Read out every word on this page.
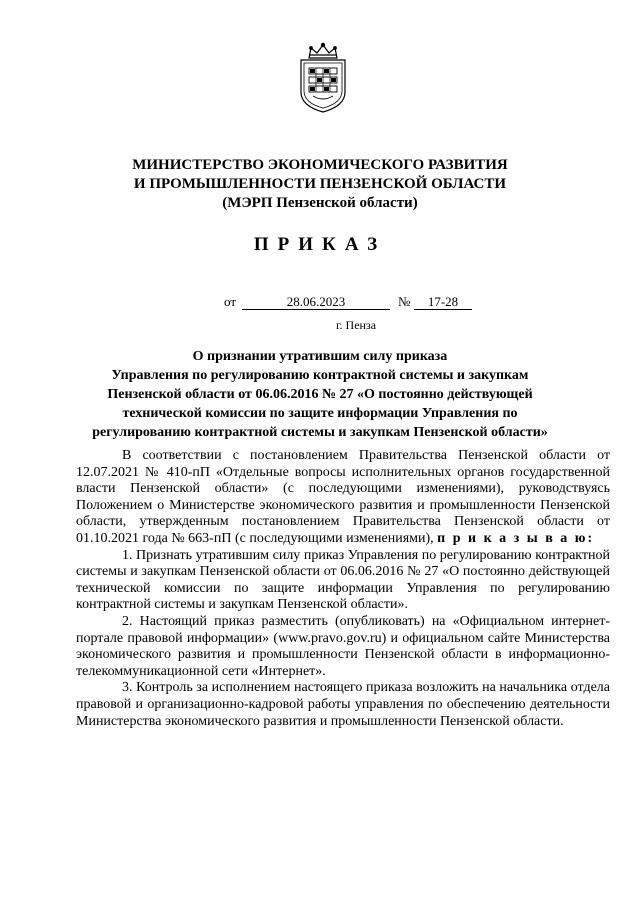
МИНИСТЕРСТВО ЭКОНОМИЧЕСКОГО РАЗВИТИЯ
И ПРОМЫШЛЕННОСТИ ПЕНЗЕНСКОЙ ОБЛАСТИ
(МЭРП Пензенской области)
ПРИКАЗ
от	28.06.2023	№	17-28
г. Пенза
О признании утратившим силу приказа
Управления по регулированию контрактной системы и закупкам
Пензенской области от 06.06.2016 № 27 «О постоянно действующей
технической комиссии по защите информации Управления по
регулированию контрактной системы и закупкам Пензенской области»

В соответствии с постановлением Правительства Пензенской области от 12.07.2021 № 410-пП «Отдельные вопросы исполнительных органов государственной власти Пензенской области» (с последующими изменениями), руководствуясь Положением о Министерстве экономического развития и промышленности Пензенской области, утвержденным постановлением Правительства Пензенской области от 01.10.2021 года № 663-пП (с последующими изменениями), п р и к а з ы в а ю:

1. Признать утратившим силу приказ Управления по регулированию контрактной системы и закупкам Пензенской области от 06.06.2016 № 27 «О постоянно действующей технической комиссии по защите информации Управления по регулированию контрактной системы и закупкам Пензенской области».

2. Настоящий приказ разместить (опубликовать) на «Официальном интернет-портале правовой информации» (www.pravo.gov.ru) и официальном сайте Министерства экономического развития и промышленности Пензенской области в информационно-телекоммуникационной сети «Интернет».

3. Контроль за исполнением настоящего приказа возложить на начальника отдела правовой и организационно-кадровой работы управления по обеспечению деятельности Министерства экономического развития и промышленности Пензенской области.
